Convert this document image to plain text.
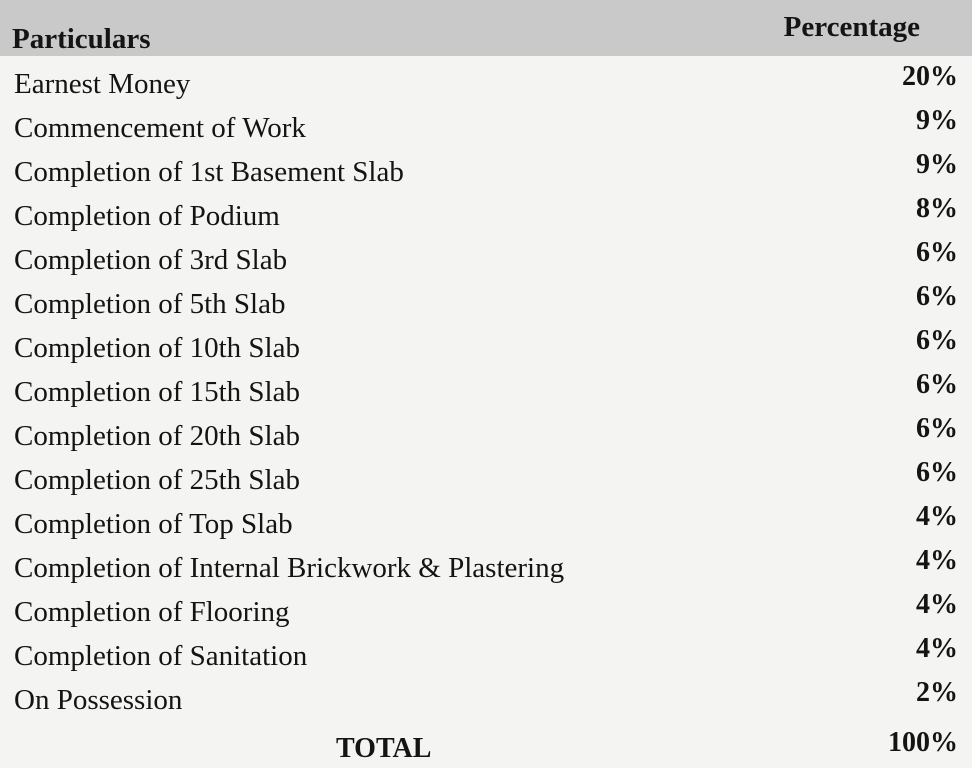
Particulars	Percentage
Earnest Money	20%
Commencement of Work	9%
Completion of 1st Basement Slab	9%
Completion of Podium	8%
Completion of 3rd Slab	6%
Completion of 5th Slab	6%
Completion of 10th Slab	6%
Completion of 15th Slab	6%
Completion of 20th Slab	6%
Completion of 25th Slab	6%
Completion of Top Slab	4%
Completion of Internal Brickwork & Plastering	4%
Completion of Flooring	4%
Completion of Sanitation	4%
On Possession	2%
TOTAL	100%
